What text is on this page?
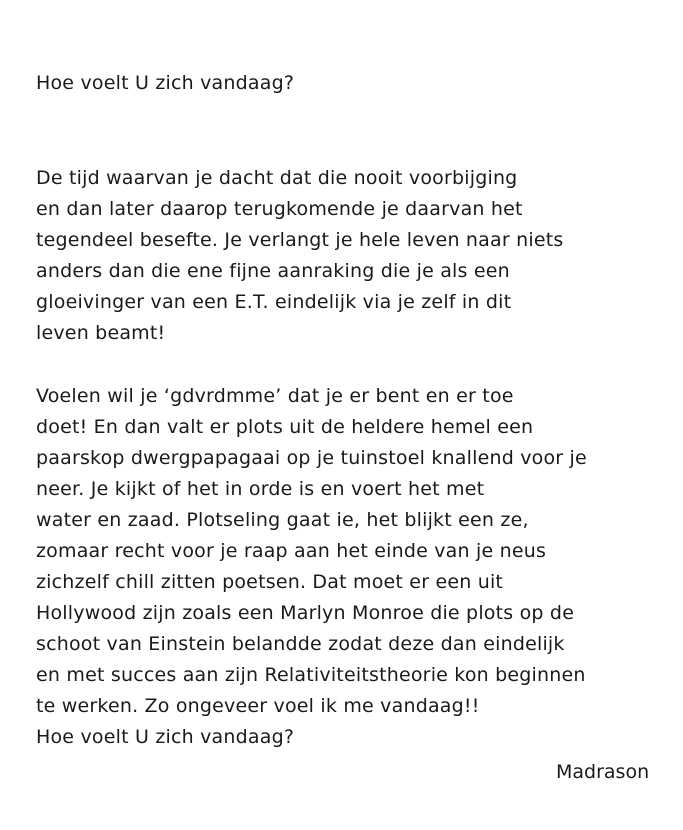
Hoe voelt U zich vandaag?
De tijd waarvan je dacht dat die nooit voorbijging
en dan later daarop terugkomende je daarvan het
tegendeel besefte. Je verlangt je hele leven naar niets
anders dan die ene fijne aanraking die je als een
gloeivinger van een E.T. eindelijk via je zelf in dit
leven beamt!
Voelen wil je ‘gdvrdmme’ dat je er bent en er toe
doet! En dan valt er plots uit de heldere hemel een
paarskop dwergpapagaai op je tuinstoel knallend voor je
neer. Je kijkt of het in orde is en voert het met
water en zaad. Plotseling gaat ie, het blijkt een ze,
zomaar recht voor je raap aan het einde van je neus
zichzelf chill zitten poetsen. Dat moet er een uit
Hollywood zijn zoals een Marlyn Monroe die plots op de
schoot van Einstein belandde zodat deze dan eindelijk
en met succes aan zijn Relativiteitstheorie kon beginnen
te werken. Zo ongeveer voel ik me vandaag!!
Hoe voelt U zich vandaag?
Madrason
